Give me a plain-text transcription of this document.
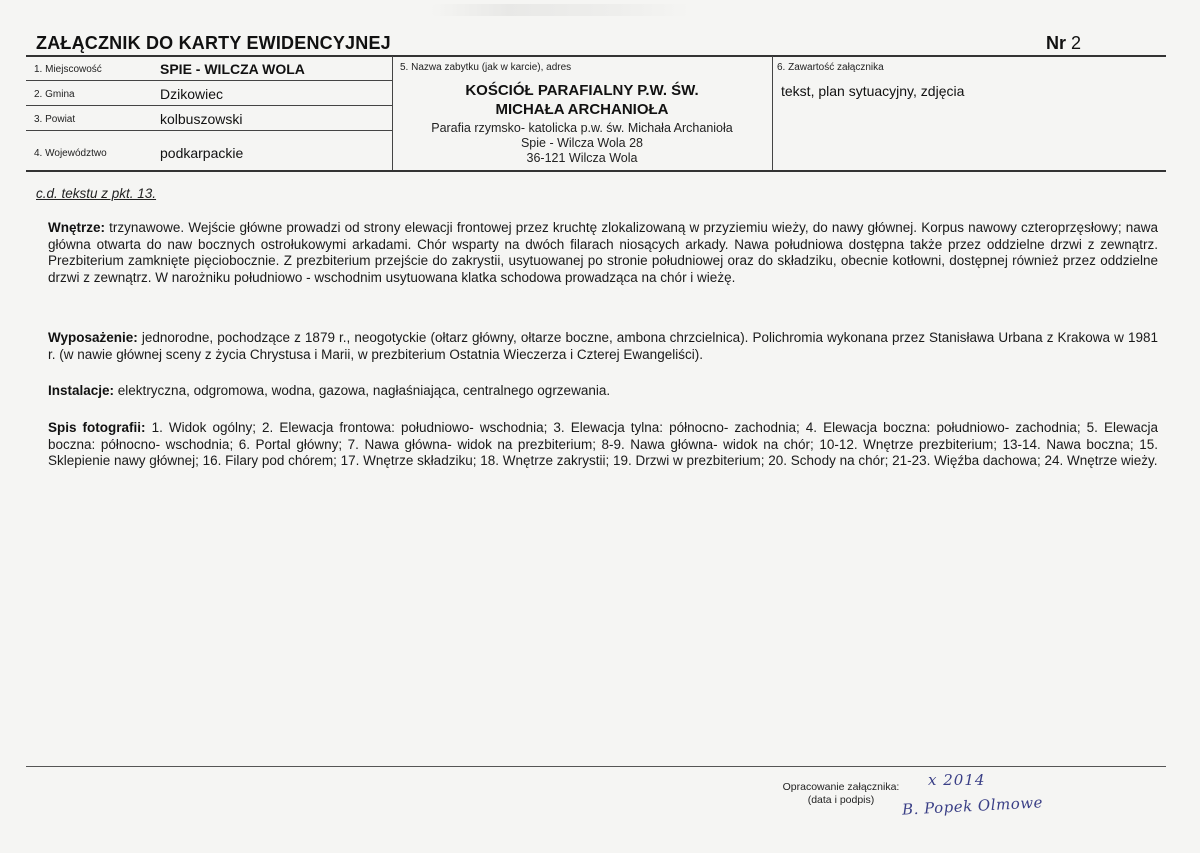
ZAŁĄCZNIK DO KARTY EWIDENCYJNEJ	Nr 2
1. Miejscowość	SPIE - WILCZA WOLA
2. Gmina	Dzikowiec
3. Powiat	kolbuszowski
4. Województwo	podkarpackie
5. Nazwa zabytku (jak w karcie), adres
KOŚCIÓŁ PARAFIALNY P.W. ŚW.
MICHAŁA ARCHANIOŁA
Parafia rzymsko- katolicka p.w. św. Michała Archanioła
Spie - Wilcza Wola 28
36-121 Wilcza Wola
6. Zawartość załącznika
tekst, plan sytuacyjny, zdjęcia
c.d. tekstu z pkt. 13.
Wnętrze: trzynawowe. Wejście główne prowadzi od strony elewacji frontowej przez kruchtę zlokalizowaną w przyziemiu wieży, do nawy głównej. Korpus nawowy czteroprzęsłowy; nawa główna otwarta do naw bocznych ostrołukowymi arkadami. Chór wsparty na dwóch filarach niosących arkady. Nawa południowa dostępna także przez oddzielne drzwi z zewnątrz. Prezbiterium zamknięte pięciobocznie. Z prezbiterium przejście do zakrystii, usytuowanej po stronie południowej oraz do składziku, obecnie kotłowni, dostępnej również przez oddzielne drzwi z zewnątrz. W narożniku południowo - wschodnim usytuowana klatka schodowa prowadząca na chór i wieżę.
Wyposażenie: jednorodne, pochodzące z 1879 r., neogotyckie (ołtarz główny, ołtarze boczne, ambona chrzcielnica). Polichromia wykonana przez Stanisława Urbana z Krakowa w 1981 r. (w nawie głównej sceny z życia Chrystusa i Marii, w prezbiterium Ostatnia Wieczerza i Czterej Ewangeliści).
Instalacje: elektryczna, odgromowa, wodna, gazowa, nagłaśniająca, centralnego ogrzewania.
Spis fotografii: 1. Widok ogólny; 2. Elewacja frontowa: południowo- wschodnia; 3. Elewacja tylna: północno- zachodnia; 4. Elewacja boczna: południowo- zachodnia; 5. Elewacja boczna: północno- wschodnia; 6. Portal główny; 7. Nawa główna- widok na prezbiterium; 8-9. Nawa główna- widok na chór; 10-12. Wnętrze prezbiterium; 13-14. Nawa boczna; 15. Sklepienie nawy głównej; 16. Filary pod chórem; 17. Wnętrze składziku; 18. Wnętrze zakrystii; 19. Drzwi w prezbiterium; 20. Schody na chór; 21-23. Więźba dachowa; 24. Wnętrze wieży.
Opracowanie załącznika:
(data i podpis)
x 2014
B. Popek Olmowe
